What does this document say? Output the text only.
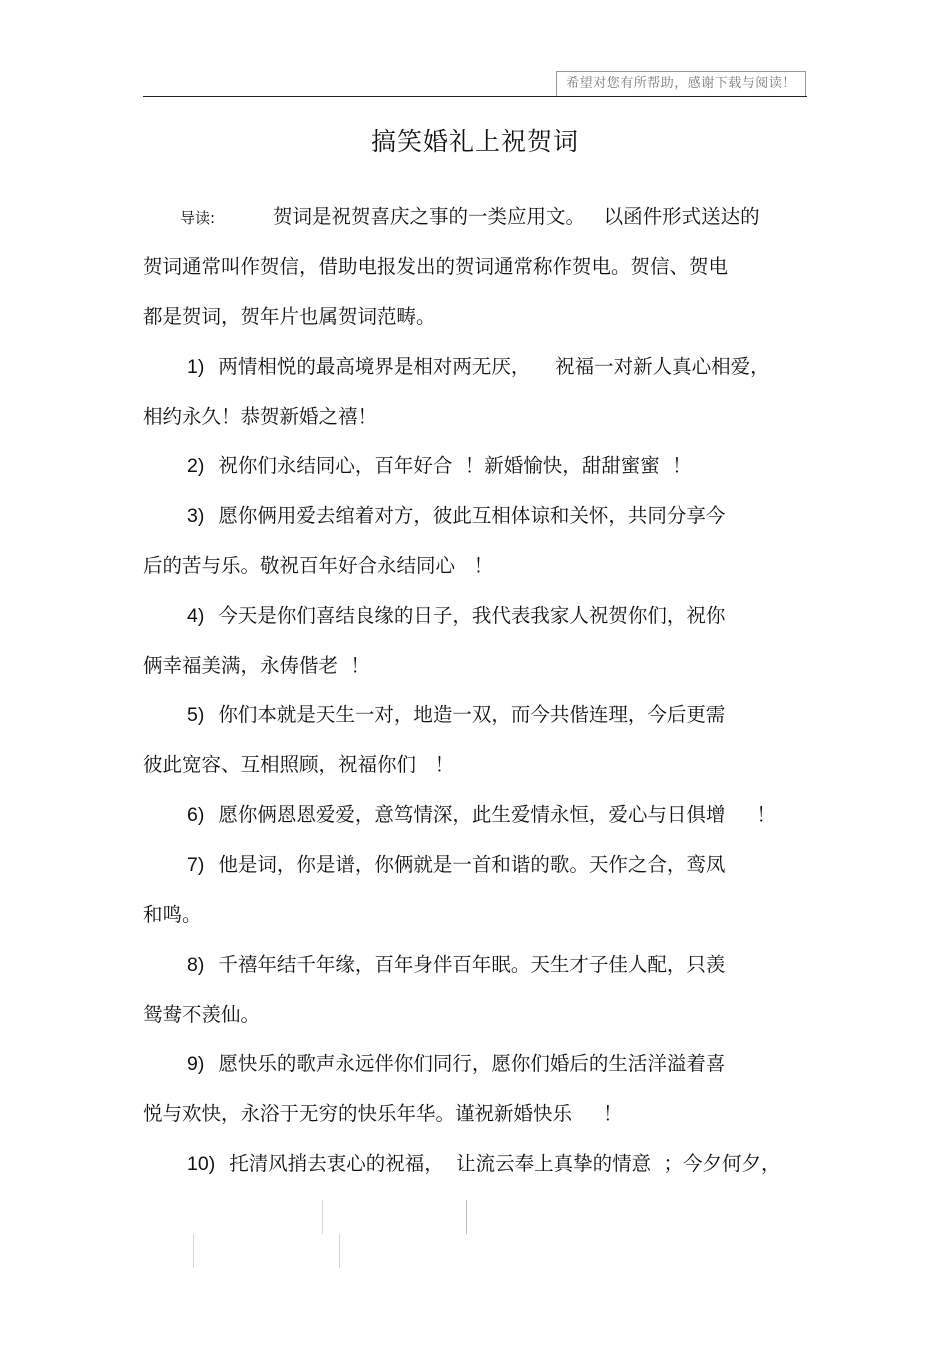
希望对您有所帮助，感谢下载与阅读！
搞笑婚礼上祝贺词
导读:	贺词是祝贺喜庆之事的一类应用文。   以函件形式送达的
贺词通常叫作贺信，借助电报发出的贺词通常称作贺电。贺信、贺电
都是贺词，贺年片也属贺词范畴。
1) 两情相悦的最高境界是相对两无厌，    祝福一对新人真心相爱，
相约永久！恭贺新婚之禧！
2) 祝你们永结同心，百年好合  ！新婚愉快，甜甜蜜蜜  ！
3) 愿你俩用爱去绾着对方，彼此互相体谅和关怀，共同分享今
后的苦与乐。敬祝百年好合永结同心   ！
4) 今天是你们喜结良缘的日子，我代表我家人祝贺你们，祝你
俩幸福美满，永俦偕老  ！
5) 你们本就是天生一对，地造一双，而今共偕连理，今后更需
彼此宽容、互相照顾，祝福你们   ！
6) 愿你俩恩恩爱爱，意笃情深，此生爱情永恒，爱心与日俱增     ！
7) 他是词，你是谱，你俩就是一首和谐的歌。天作之合，鸾凤
和鸣。
8) 千禧年结千年缘，百年身伴百年眠。天生才子佳人配，只羡
鸳鸯不羡仙。
9) 愿快乐的歌声永远伴你们同行，愿你们婚后的生活洋溢着喜
悦与欢快，永浴于无穷的快乐年华。谨祝新婚快乐     ！
10) 托清风捎去衷心的祝福，  让流云奉上真挚的情意  ；今夕何夕，
